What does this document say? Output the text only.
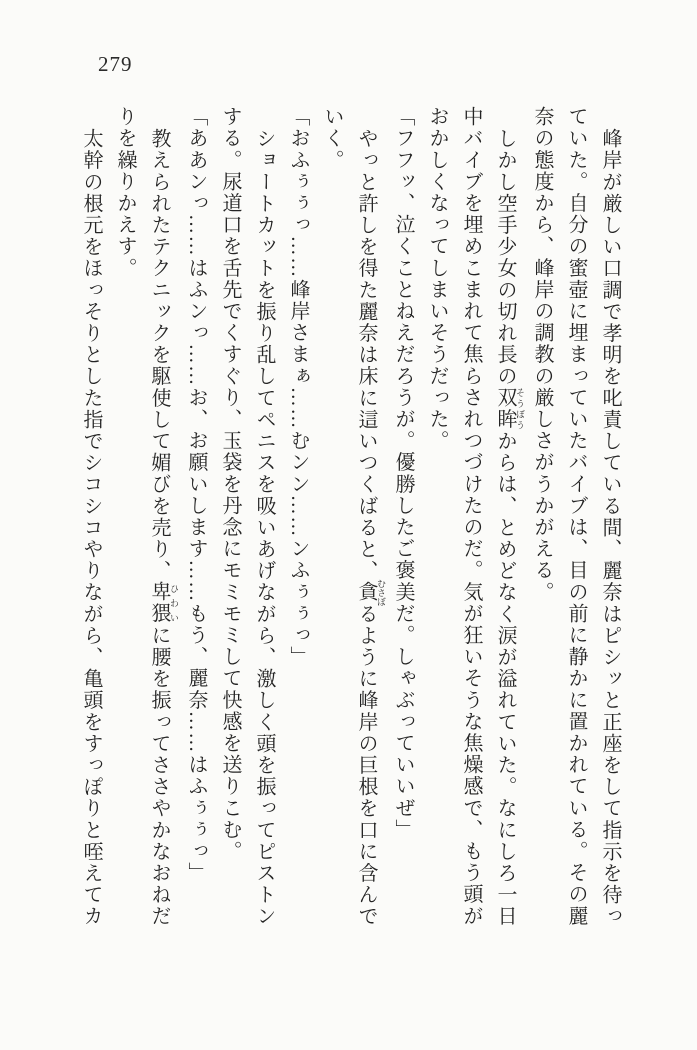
279
峰岸が厳しい口調で孝明を叱責している間、麗奈はピシッと正座をして指示を待っ
ていた。自分の蜜壺に埋まっていたバイブは、目の前に静かに置かれている。その麗
奈の態度から、峰岸の調教の厳しさがうかがえる。
しかし空手少女の切れ長の双眸 そうぼうからは、とめどなく涙が溢れていた。なにしろ一日
中バイブを埋めこまれて焦らされつづけたのだ。気が狂いそうな焦燥感で、もう頭が
おかしくなってしまいそうだった。
「フフッ、泣くことねえだろうが。優勝したご褒美だ。しゃぶっていいぜ」
やっと許しを得た麗奈は床に這いつくばると、貪 むさぼるように峰岸の巨根を口に含んで
いく。
「おふぅぅっ……峰岸さまぁ……むンン……ンふぅぅっ」
ショートカットを振り乱してペニスを吸いあげながら、激しく頭を振ってピストン
する。尿道口を舌先でくすぐり、玉袋を丹念にモミモミして快感を送りこむ。
「ああンっ……はふンっ……お、お願いします……もう、麗奈……はふぅぅっ」
教えられたテクニックを駆使して媚びを売り、卑猥 ひわいに腰を振ってささやかなおねだ
りを繰りかえす。
太幹の根元をほっそりとした指でシコシコやりながら、亀頭をすっぽりと咥えてカ
